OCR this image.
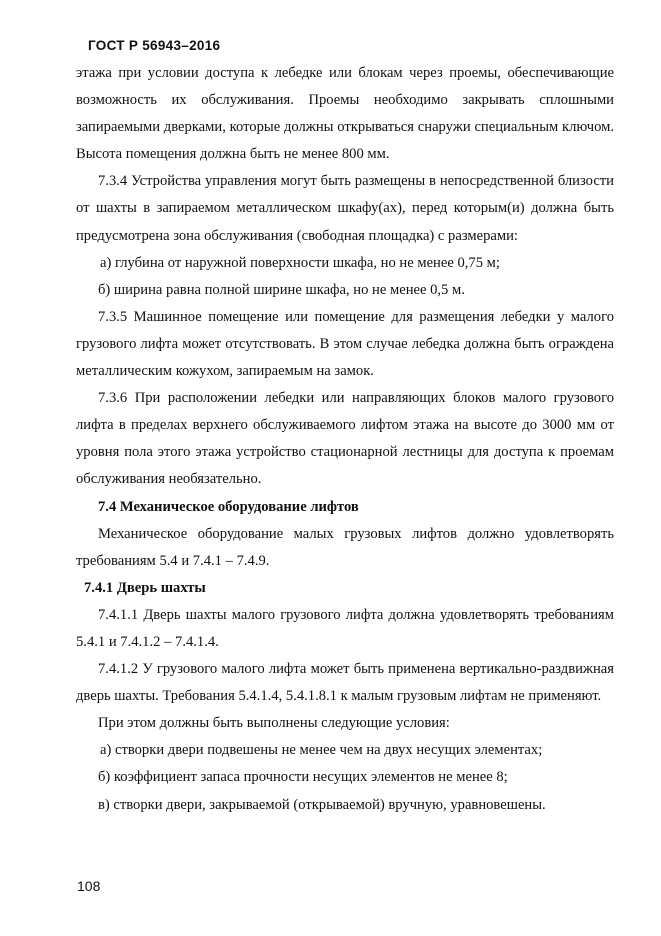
ГОСТ Р 56943–2016

этажа при условии доступа к лебедке или блокам через проемы, обеспечивающие возможность их обслуживания. Проемы необходимо закрывать сплошными запираемыми дверками, которые должны открываться снаружи специальным ключом. Высота помещения должна быть не менее 800 мм.

7.3.4 Устройства управления могут быть размещены в непосредственной близости от шахты в запираемом металлическом шкафу(ах), перед которым(и) должна быть предусмотрена зона обслуживания (свободная площадка) с размерами:

а) глубина от наружной поверхности шкафа, но не менее 0,75 м;

б) ширина равна полной ширине шкафа, но не менее 0,5 м.

7.3.5 Машинное помещение или помещение для размещения лебедки у малого грузового лифта может отсутствовать. В этом случае лебедка должна быть ограждена металлическим кожухом, запираемым на замок.

7.3.6 При расположении лебедки или направляющих блоков малого грузового лифта в пределах верхнего обслуживаемого лифтом этажа на высоте до 3000 мм от уровня пола этого этажа устройство стационарной лестницы для доступа к проемам обслуживания необязательно.

7.4 Механическое оборудование лифтов

Механическое оборудование малых грузовых лифтов должно удовлетворять требованиям 5.4 и 7.4.1 – 7.4.9.

7.4.1 Дверь шахты

7.4.1.1 Дверь шахты малого грузового лифта должна удовлетворять требованиям 5.4.1 и 7.4.1.2 – 7.4.1.4.

7.4.1.2 У грузового малого лифта может быть применена вертикально-раздвижная дверь шахты. Требования 5.4.1.4, 5.4.1.8.1 к малым грузовым лифтам не применяют.

При этом должны быть выполнены следующие условия:

а) створки двери подвешены не менее чем на двух несущих элементах;

б) коэффициент запаса прочности несущих элементов не менее 8;

в) створки двери, закрываемой (открываемой) вручную, уравновешены.

108
